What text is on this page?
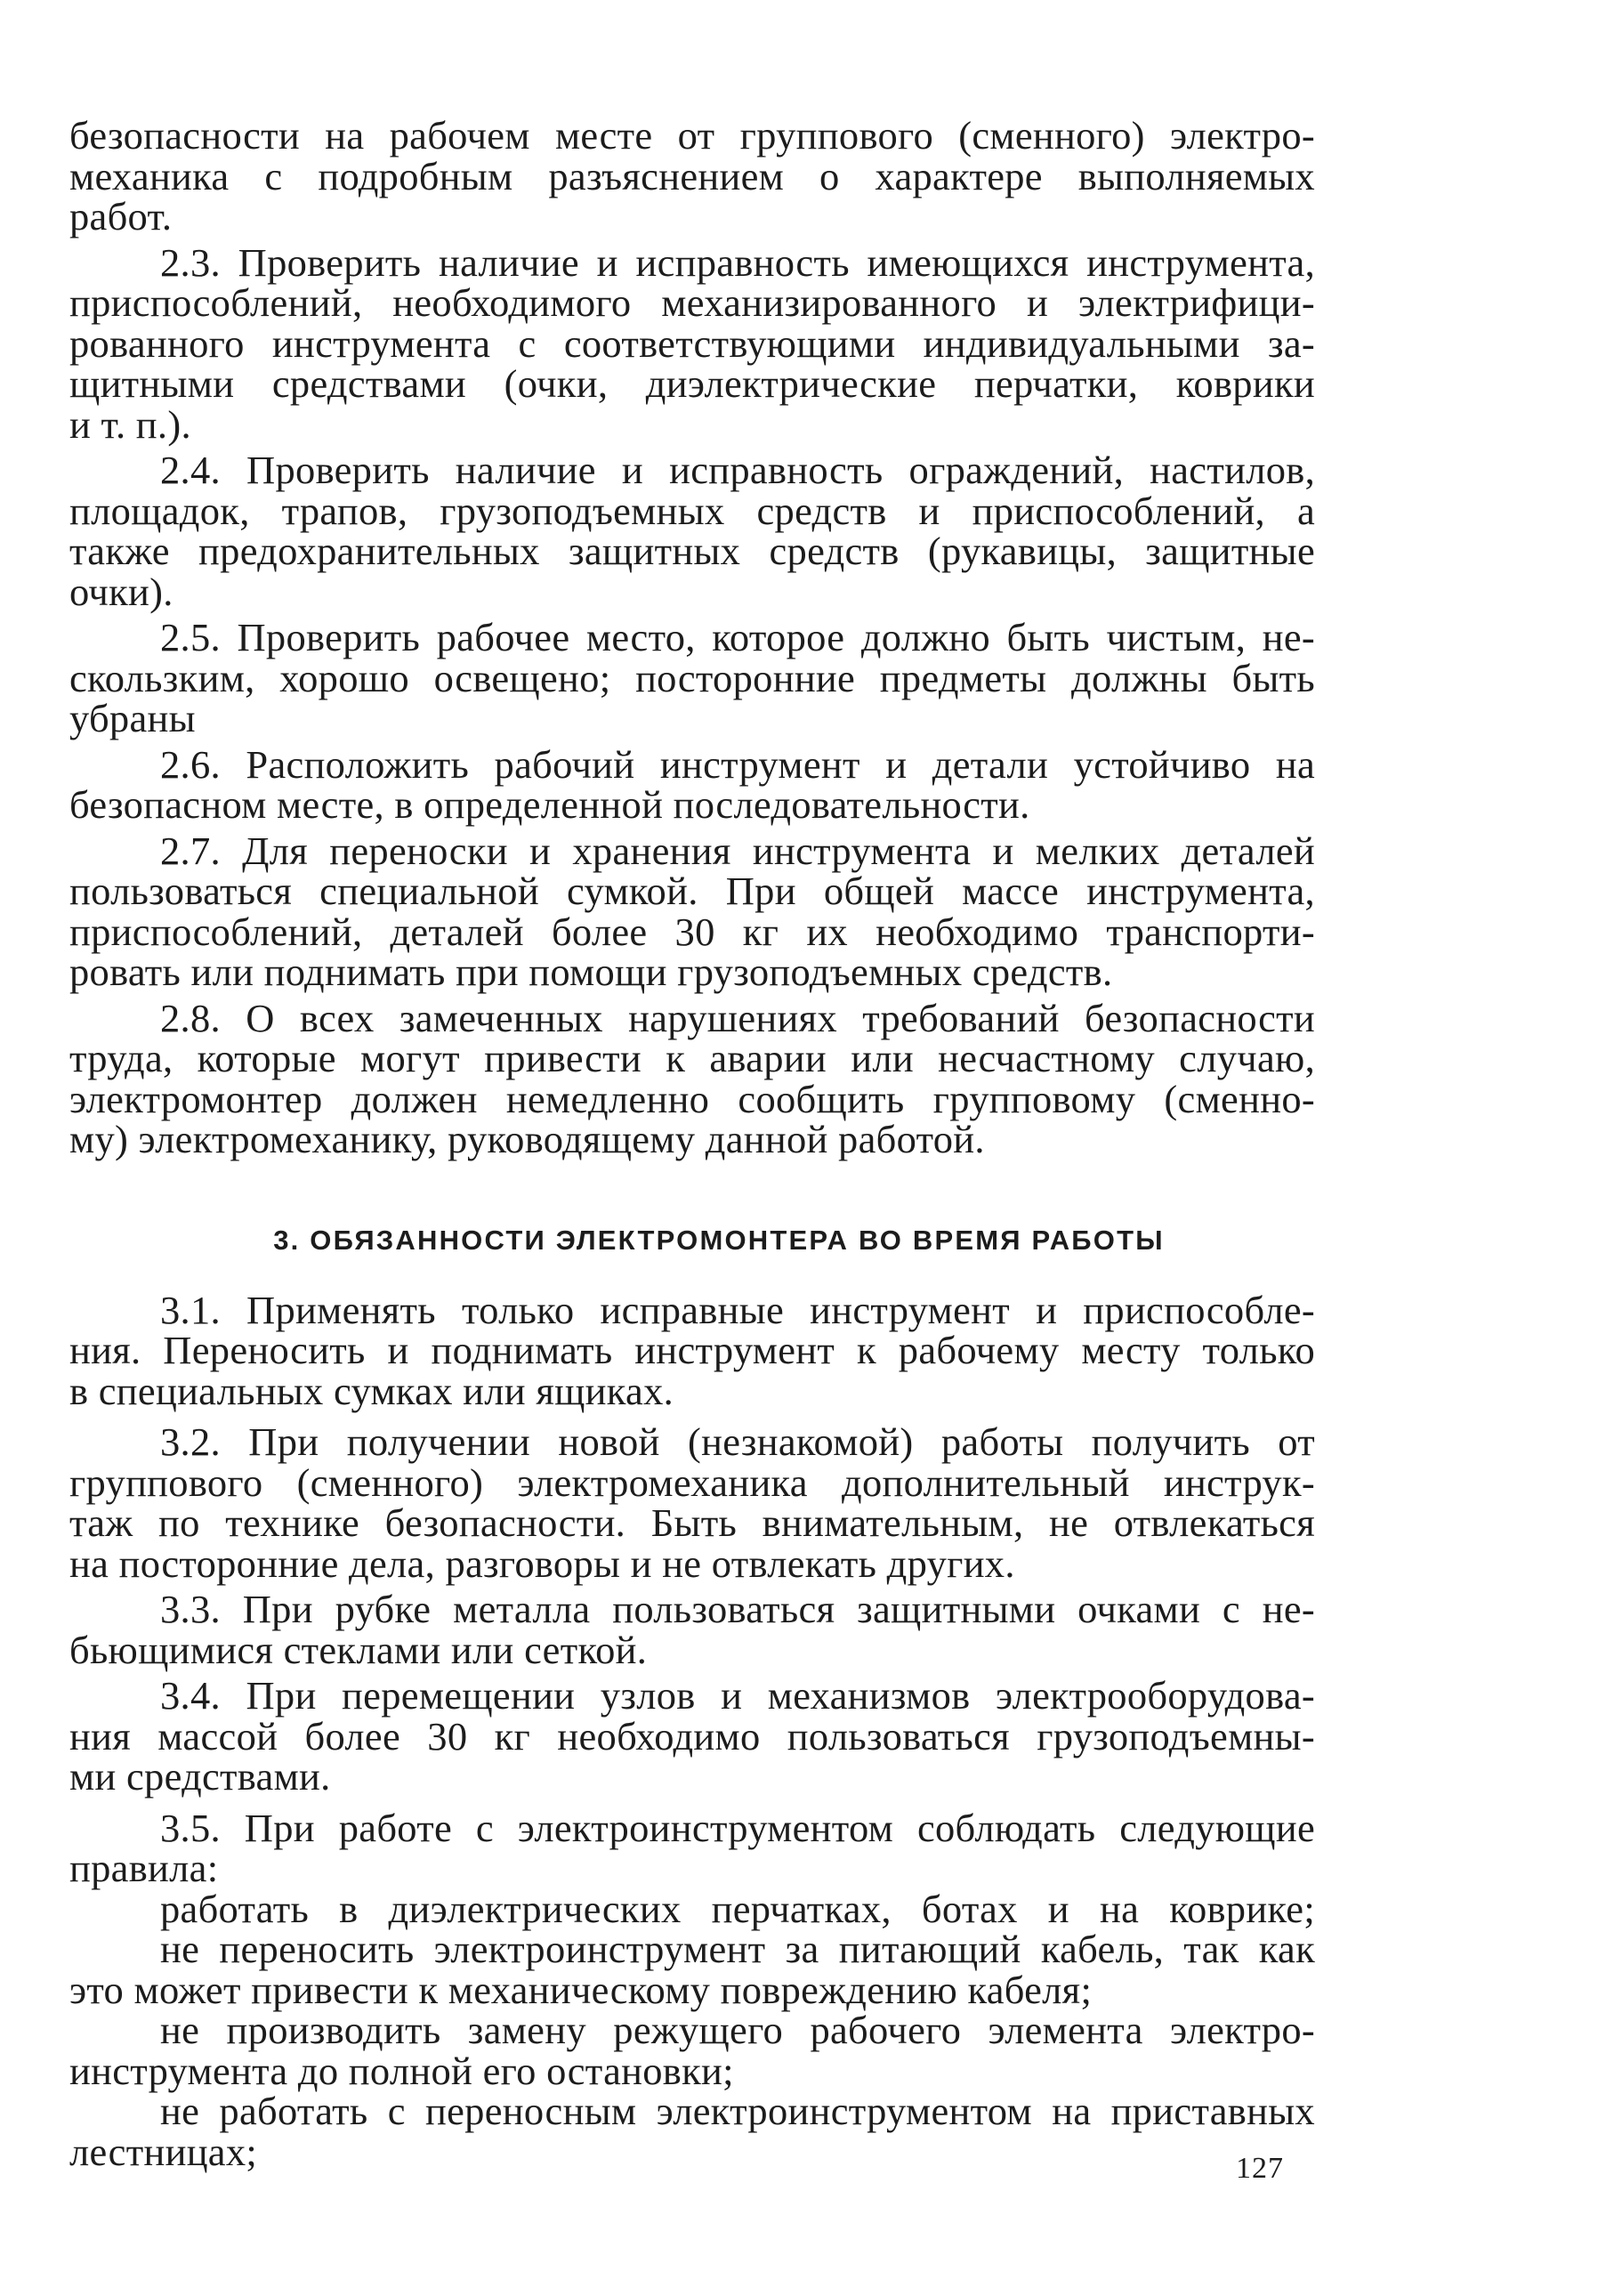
безопасности на рабочем месте от группового (сменного) электро-
механика с подробным разъяснением о характере выполняемых
работ.
2.3. Проверить наличие и исправность имеющихся инструмента,
приспособлений, необходимого механизированного и электрифици-
рованного инструмента с соответствующими индивидуальными за-
щитными средствами (очки, диэлектрические перчатки, коврики
и т. п.).
2.4. Проверить наличие и исправность ограждений, настилов,
площадок, трапов, грузоподъемных средств и приспособлений, а
также предохранительных защитных средств (рукавицы, защитные
очки).
2.5. Проверить рабочее место, которое должно быть чистым, не-
скользким, хорошо освещено; посторонние предметы должны быть
убраны
2.6. Расположить рабочий инструмент и детали устойчиво на
безопасном месте, в определенной последовательности.
2.7. Для переноски и хранения инструмента и мелких деталей
пользоваться специальной сумкой. При общей массе инструмента,
приспособлений, деталей более 30 кг их необходимо транспорти-
ровать или поднимать при помощи грузоподъемных средств.
2.8. О всех замеченных нарушениях требований безопасности
труда, которые могут привести к аварии или несчастному случаю,
электромонтер должен немедленно сообщить групповому (сменно-
му) электромеханику, руководящему данной работой.
3. ОБЯЗАННОСТИ ЭЛЕКТРОМОНТЕРА ВО ВРЕМЯ РАБОТЫ
3.1. Применять только исправные инструмент и приспособле-
ния. Переносить и поднимать инструмент к рабочему месту только
в специальных сумках или ящиках.
3.2. При получении новой (незнакомой) работы получить от
группового (сменного) электромеханика дополнительный инструк-
таж по технике безопасности. Быть внимательным, не отвлекаться
на посторонние дела, разговоры и не отвлекать других.
3.3. При рубке металла пользоваться защитными очками с не-
бьющимися стеклами или сеткой.
3.4. При перемещении узлов и механизмов электрооборудова-
ния массой более 30 кг необходимо пользоваться грузоподъемны-
ми средствами.
3.5. При работе с электроинструментом соблюдать следующие
правила:
работать в диэлектрических перчатках, ботах и на коврике;
не переносить электроинструмент за питающий кабель, так как
это может привести к механическому повреждению кабеля;
не производить замену режущего рабочего элемента электро-
инструмента до полной его остановки;
не работать с переносным электроинструментом на приставных
лестницах;	127
